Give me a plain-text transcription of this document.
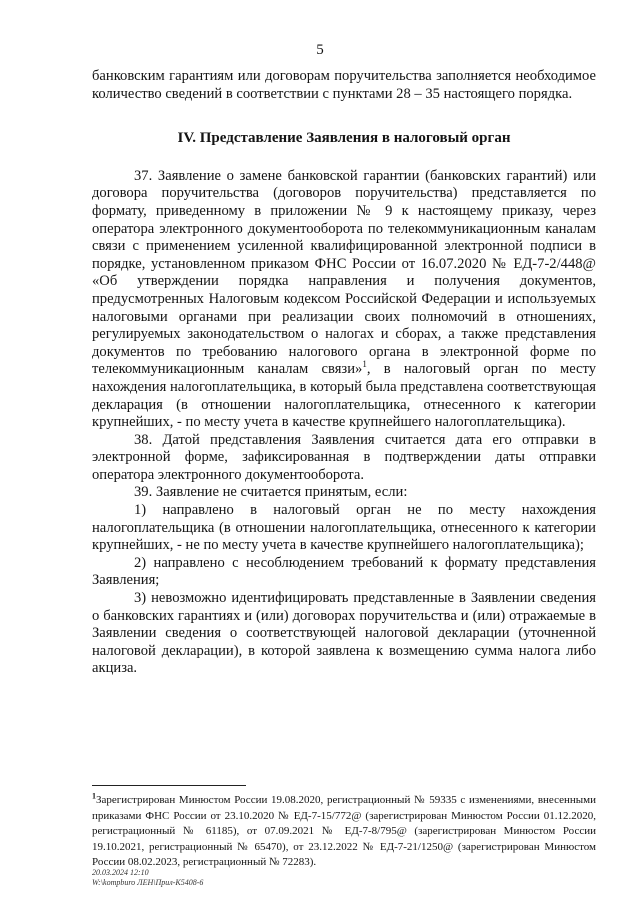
5

банковским гарантиям или договорам поручительства заполняется необходимое количество сведений в соответствии с пунктами 28 – 35 настоящего порядка.

IV. Представление Заявления в налоговый орган

37. Заявление о замене банковской гарантии (банковских гарантий) или договора поручительства (договоров поручительства) представляется по формату, приведенному в приложении № 9 к настоящему приказу, через оператора электронного документооборота по телекоммуникационным каналам связи с применением усиленной квалифицированной электронной подписи в порядке, установленном приказом ФНС России от 16.07.2020 № ЕД-7-2/448@ «Об утверждении порядка направления и получения документов, предусмотренных Налоговым кодексом Российской Федерации и используемых налоговыми органами при реализации своих полномочий в отношениях, регулируемых законодательством о налогах и сборах, а также представления документов по требованию налогового органа в электронной форме по телекоммуникационным каналам связи»$^1$, в налоговый орган по месту нахождения налогоплательщика, в который была представлена соответствующая декларация (в отношении налогоплательщика, отнесенного к категории крупнейших, - по месту учета в качестве крупнейшего налогоплательщика).

38. Датой представления Заявления считается дата его отправки в электронной форме, зафиксированная в подтверждении даты отправки оператора электронного документооборота.

39. Заявление не считается принятым, если:

1) направлено в налоговый орган не по месту нахождения налогоплательщика (в отношении налогоплательщика, отнесенного к категории крупнейших, - не по месту учета в качестве крупнейшего налогоплательщика);

2) направлено с несоблюдением требований к формату представления Заявления;

3) невозможно идентифицировать представленные в Заявлении сведения о банковских гарантиях и (или) договорах поручительства и (или) отражаемые в Заявлении сведения о соответствующей налоговой декларации (уточненной налоговой декларации), в которой заявлена к возмещению сумма налога либо акциза.

$^1$Зарегистрирован Минюстом России 19.08.2020, регистрационный № 59335 с изменениями, внесенными приказами ФНС России от 23.10.2020 № ЕД-7-15/772@ (зарегистрирован Минюстом России 01.12.2020, регистрационный № 61185), от 07.09.2021 № ЕД-7-8/795@ (зарегистрирован Минюстом России 19.10.2021, регистрационный № 65470), от 23.12.2022 № ЕД-7-21/1250@ (зарегистрирован Минюстом России 08.02.2023, регистрационный № 72283).

20.03.2024 12:10
W:\kompburo ЛЕН\Прил-К5408-6
